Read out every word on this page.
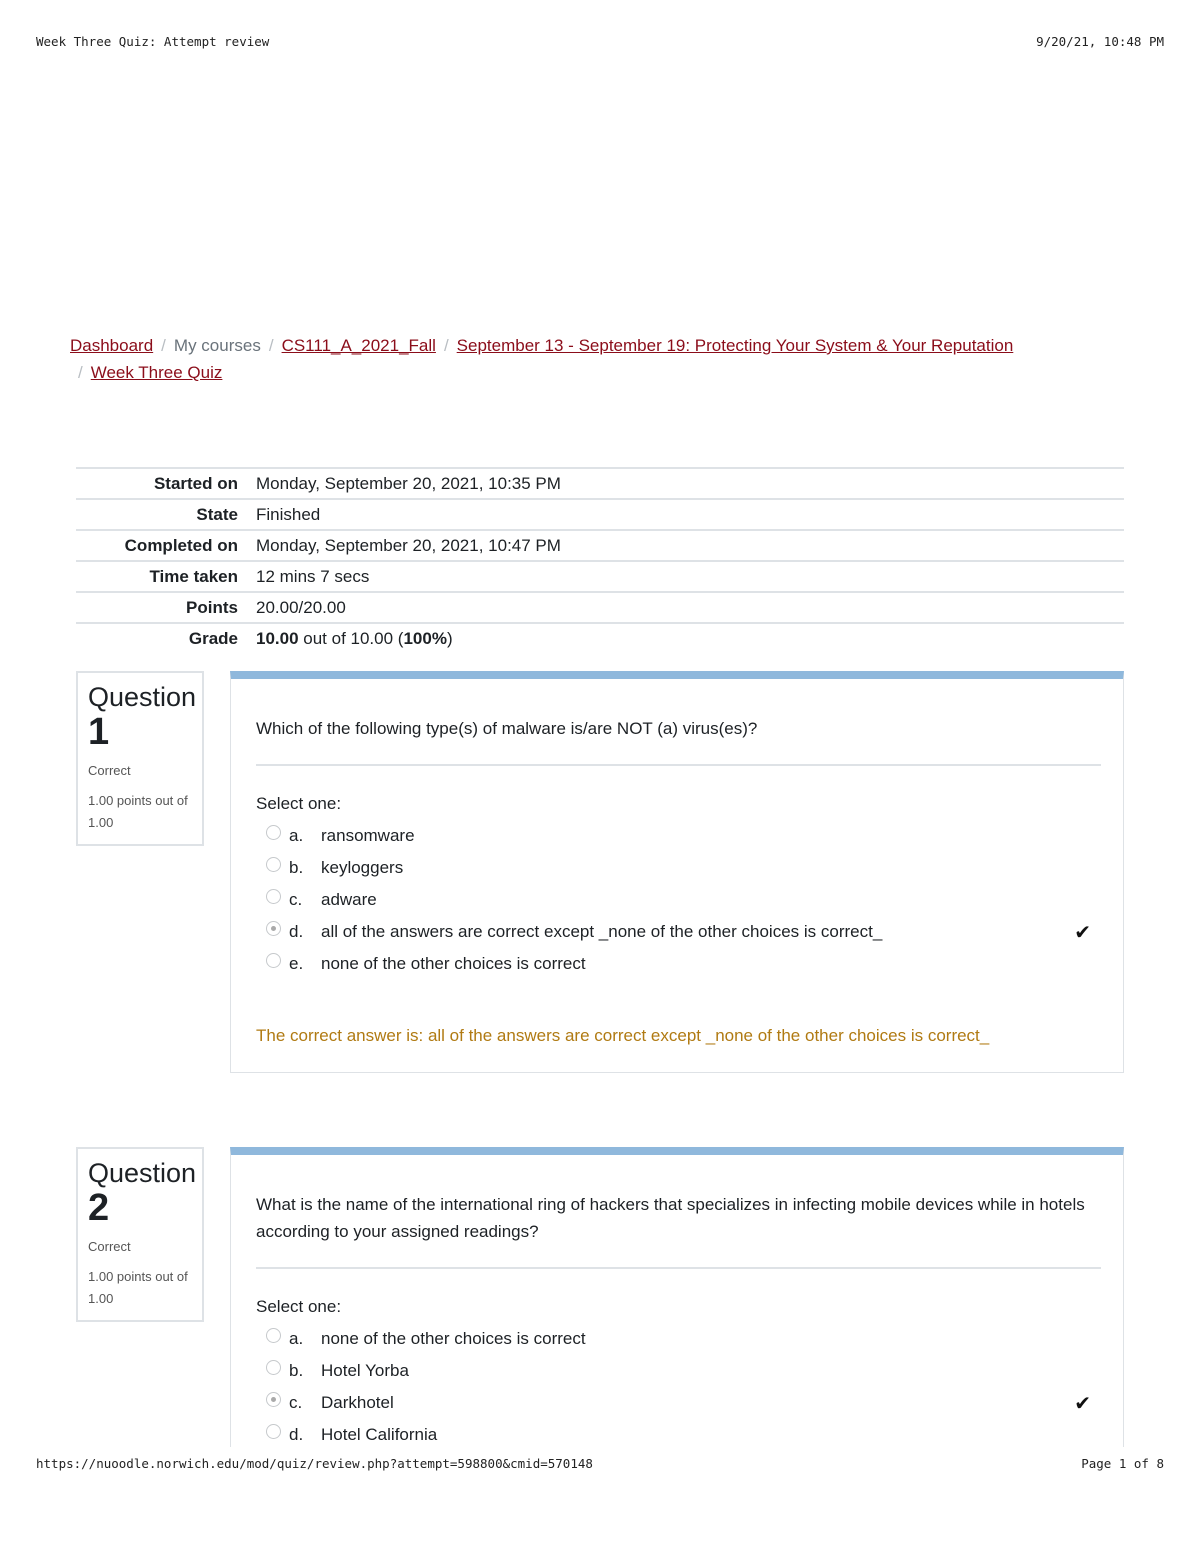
Week Three Quiz: Attempt review	9/20/21, 10:48 PM
Dashboard / My courses / CS111_A_2021_Fall / September 13 - September 19: Protecting Your System & Your Reputation
/ Week Three Quiz
Started on	Monday, September 20, 2021, 10:35 PM
State	Finished
Completed on	Monday, September 20, 2021, 10:47 PM
Time taken	12 mins 7 secs
Points	20.00/20.00
Grade	10.00 out of 10.00 (100%)
Question
1
Correct
1.00 points out of 1.00
Which of the following type(s) of malware is/are NOT (a) virus(es)?
Select one:
a.	ransomware
b.	keyloggers
c.	adware
d.	all of the answers are correct except _none of the other choices is correct_	✔
e.	none of the other choices is correct
The correct answer is: all of the answers are correct except _none of the other choices is correct_
Question
2
Correct
1.00 points out of 1.00
What is the name of the international ring of hackers that specializes in infecting mobile devices while in hotels according to your assigned readings?
Select one:
a.	none of the other choices is correct
b.	Hotel Yorba
c.	Darkhotel	✔
d.	Hotel California
https://nuoodle.norwich.edu/mod/quiz/review.php?attempt=598800&cmid=570148	Page 1 of 8
